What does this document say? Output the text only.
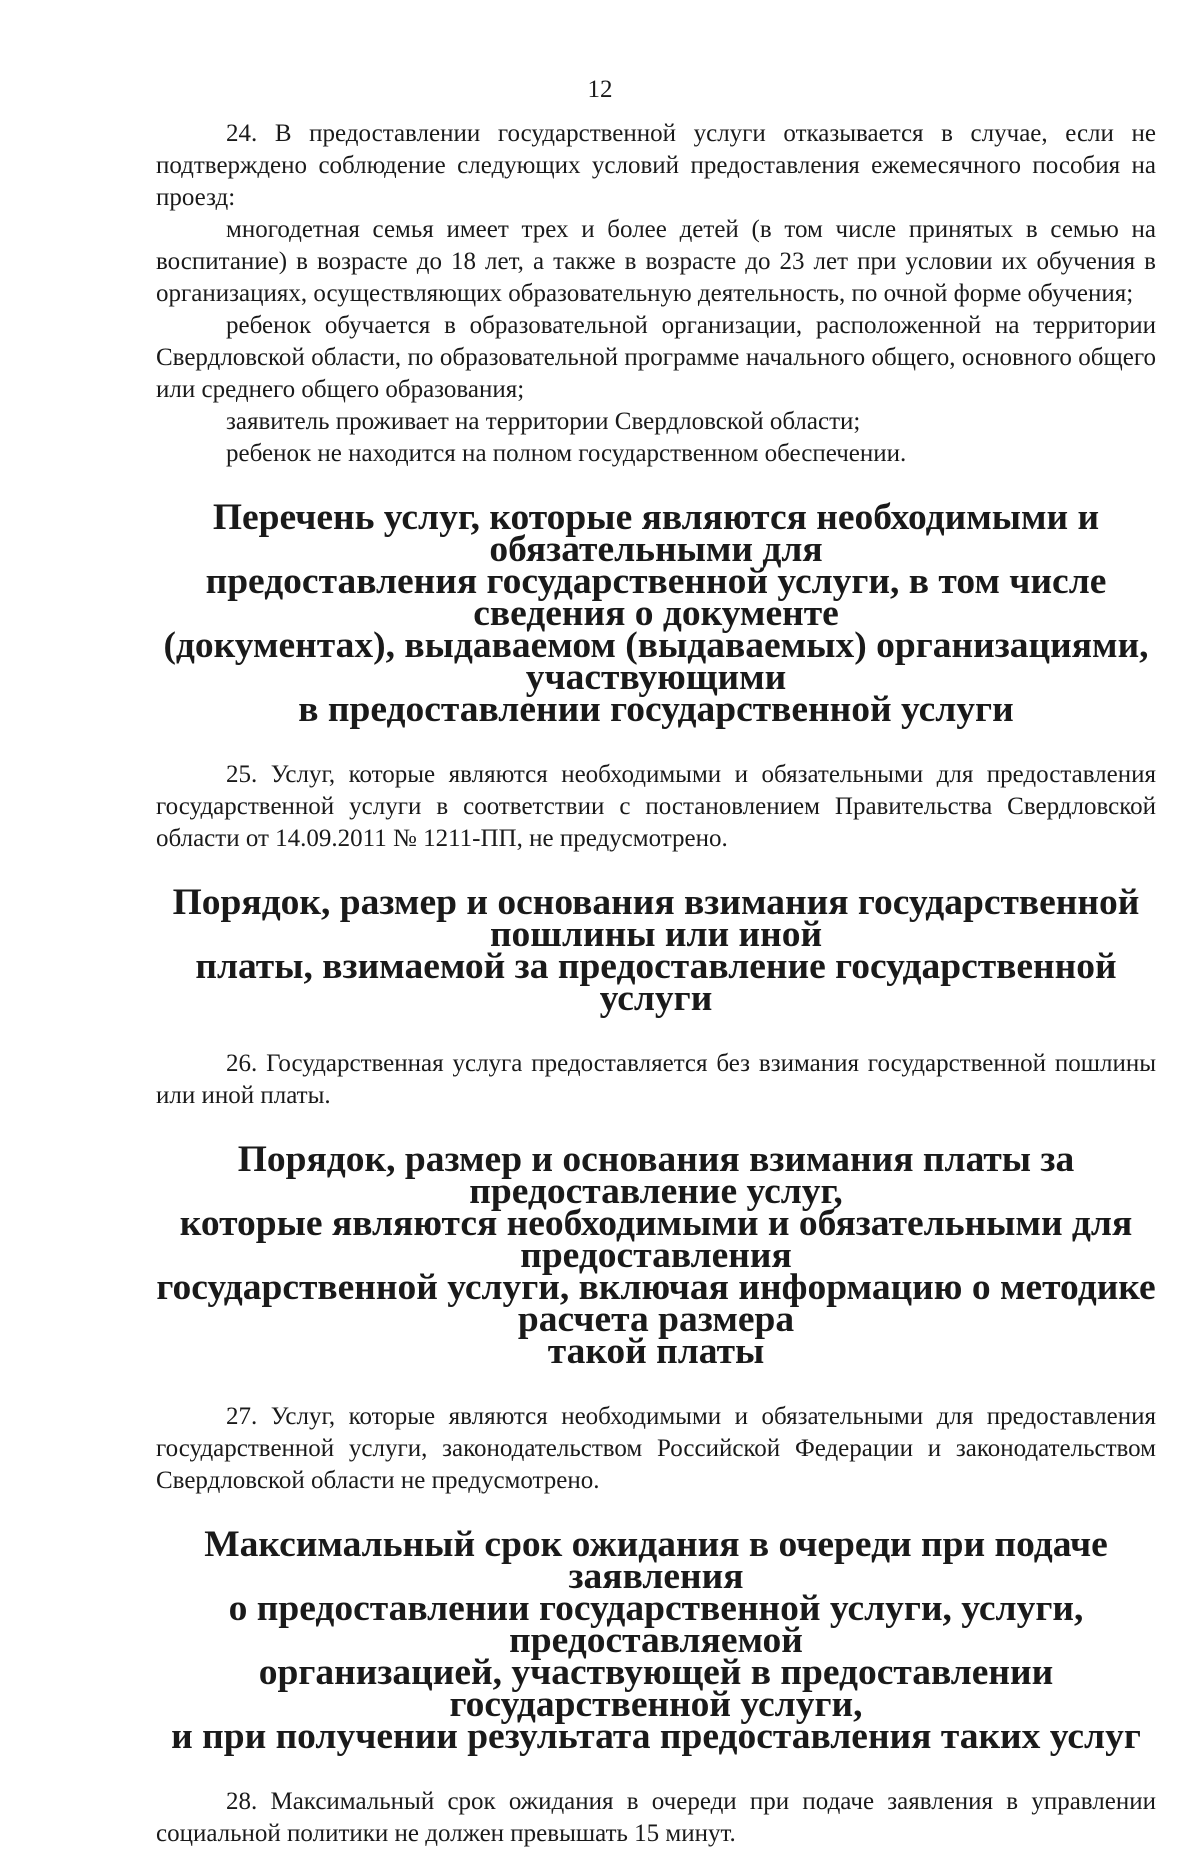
12

24. В предоставлении государственной услуги отказывается в случае, если не подтверждено соблюдение следующих условий предоставления ежемесячного пособия на проезд:

многодетная семья имеет трех и более детей (в том числе принятых в семью на воспитание) в возрасте до 18 лет, а также в возрасте до 23 лет при условии их обучения в организациях, осуществляющих образовательную деятельность, по очной форме обучения;

ребенок обучается в образовательной организации, расположенной на территории Свердловской области, по образовательной программе начального общего, основного общего или среднего общего образования;

заявитель проживает на территории Свердловской области;

ребенок не находится на полном государственном обеспечении.

Перечень услуг, которые являются необходимыми и обязательными для
предоставления государственной услуги, в том числе сведения о документе
(документах), выдаваемом (выдаваемых) организациями, участвующими
в предоставлении государственной услуги

25. Услуг, которые являются необходимыми и обязательными для предоставления государственной услуги в соответствии с постановлением Правительства Свердловской области от 14.09.2011 № 1211-ПП, не предусмотрено.

Порядок, размер и основания взимания государственной пошлины или иной
платы, взимаемой за предоставление государственной услуги

26. Государственная услуга предоставляется без взимания государственной пошлины или иной платы.

Порядок, размер и основания взимания платы за предоставление услуг,
которые являются необходимыми и обязательными для предоставления
государственной услуги, включая информацию о методике расчета размера
такой платы

27. Услуг, которые являются необходимыми и обязательными для предоставления государственной услуги, законодательством Российской Федерации и законодательством Свердловской области не предусмотрено.

Максимальный срок ожидания в очереди при подаче заявления
о предоставлении государственной услуги, услуги, предоставляемой
организацией, участвующей в предоставлении государственной услуги,
и при получении результата предоставления таких услуг

28. Максимальный срок ожидания в очереди при подаче заявления в управлении социальной политики не должен превышать 15 минут.
